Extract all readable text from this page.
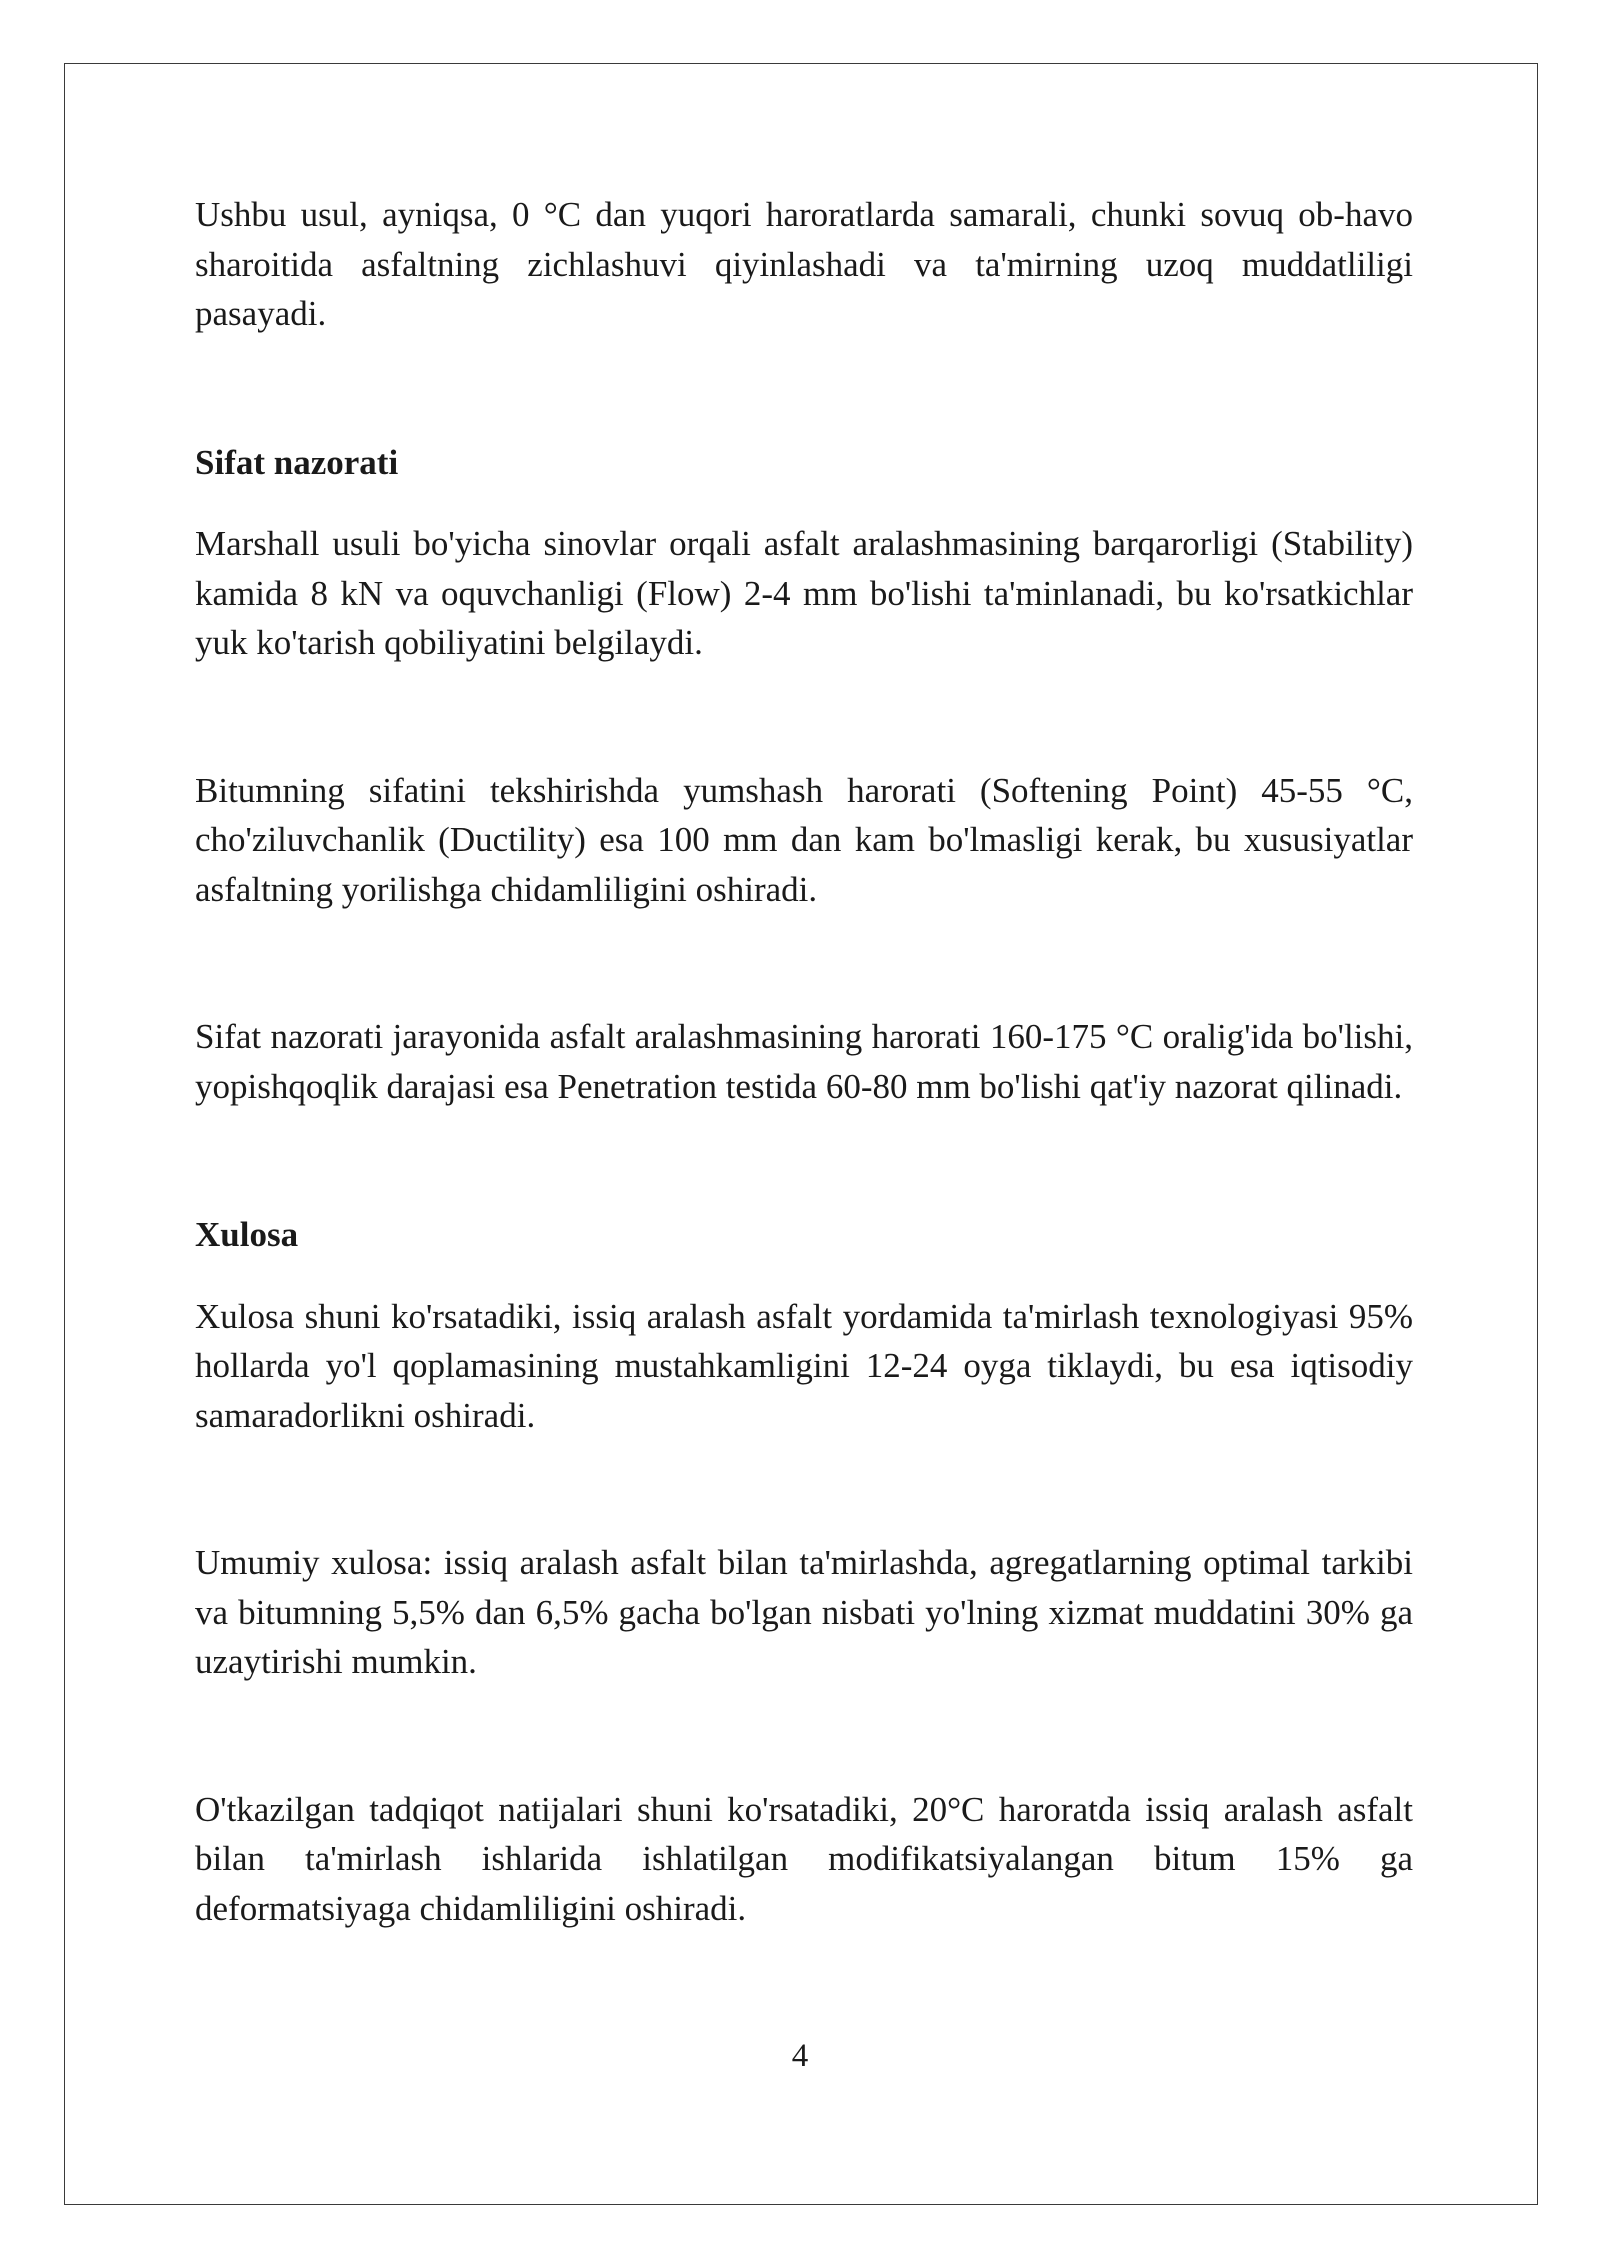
Ushbu usul, ayniqsa, 0 °C dan yuqori haroratlarda samarali, chunki sovuq ob-havo sharoitida asfaltning zichlashuvi qiyinlashadi va ta'mirning uzoq muddatliligi pasayadi.

Sifat nazorati

Marshall usuli bo'yicha sinovlar orqali asfalt aralashmasining barqarorligi (Stability) kamida 8 kN va oquvchanligi (Flow) 2-4 mm bo'lishi ta'minlanadi, bu ko'rsatkichlar yuk ko'tarish qobiliyatini belgilaydi.

Bitumning sifatini tekshirishda yumshash harorati (Softening Point) 45-55 °C, cho'ziluvchanlik (Ductility) esa 100 mm dan kam bo'lmasligi kerak, bu xususiyatlar asfaltning yorilishga chidamliligini oshiradi.

Sifat nazorati jarayonida asfalt aralashmasining harorati 160-175 °C oralig'ida bo'lishi, yopishqoqlik darajasi esa Penetration testida 60-80 mm bo'lishi qat'iy nazorat qilinadi.

Xulosa

Xulosa shuni ko'rsatadiki, issiq aralash asfalt yordamida ta'mirlash texnologiyasi 95% hollarda yo'l qoplamasining mustahkamligini 12-24 oyga tiklaydi, bu esa iqtisodiy samaradorlikni oshiradi.

Umumiy xulosa: issiq aralash asfalt bilan ta'mirlashda, agregatlarning optimal tarkibi va bitumning 5,5% dan 6,5% gacha bo'lgan nisbati yo'lning xizmat muddatini 30% ga uzaytirishi mumkin.

O'tkazilgan tadqiqot natijalari shuni ko'rsatadiki, 20°C haroratda issiq aralash asfalt bilan ta'mirlash ishlarida ishlatilgan modifikatsiyalangan bitum 15% ga deformatsiyaga chidamliligini oshiradi.

4
